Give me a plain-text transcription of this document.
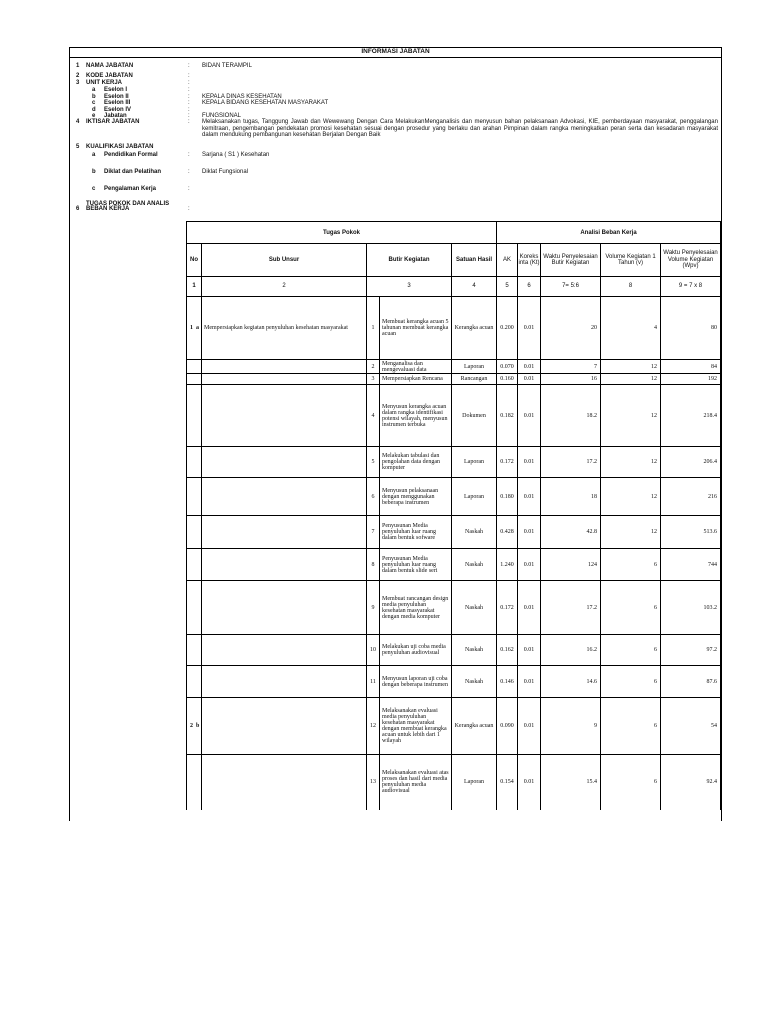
INFORMASI JABATAN
1 NAMA JABATAN	: BIDAN TERAMPIL
2 KODE JABATAN	:
3 UNIT KERJA	:
a Eselon I	:
b Eselon II	: KEPALA DINAS KESEHATAN
c Eselon III	: KEPALA BIDANG KESEHATAN MASYARAKAT
d Eselon IV	:
e Jabatan	: FUNGSIONAL
4 IKTISAR JABATAN	: Melaksanakan tugas, Tanggung Jawab dan Wewewang Dengan Cara MelakukanMenganalisis dan menyusun bahan pelaksanaan Advokasi, KIE, pemberdayaan masyarakat, penggalangan kemitraan, pengembangan pendekatan promosi kesehatan sesuai dengan prosedur yang berlaku dan arahan Pimpinan dalam rangka meningkatkan peran serta dan kesadaran masyarakat dalam mendukung pembangunan kesehatan Berjalan Dengan Baik
5 KUALIFIKASI JABATAN
a Pendidikan Formal	: Sarjana ( S1 ) Kesehatan
b Diklat dan Pelatihan	: Diklat Fungsional
c Pengalaman Kerja	:
TUGAS POKOK DAN ANALIS
6 BEBAN KERJA	:
Tugas Pokok					Analisi Beban Kerja				
No	Sub Unsur	Butir Kegiatan		Satuan Hasil	AK	Koreks inta (Kt)	Waktu Penyelesaian Butir Kegiatan	Volume Kegiatan 1 Tahun (v)	Waktu Penyelesaian Volume Kegiatan (Wpv)
1	2	3		4	5	6	7= 5:6	8	9 = 7 x 8
1 a	Mempersiapkan kegiatan penyuluhan kesehatan masyarakat	1	Membuat kerangka acuan 5 tahunan membuat kerangka acuan	Kerangka acuan	0.200	0.01	20	4	80
		2	Menganalisa dan mengevaluasi data	Laporan	0.070	0.01	7	12	84
		3	Mempersiapkan Rencana	Rancangan	0.160	0.01	16	12	192
		4	Menyusun kerangka acuan dalam rangka identifikasi potensi wilayah, menyusun instrumen terbuka	Dokumen	0.182	0.01	18.2	12	218.4
		5	Melakukan tabulasi dan pengolahan data dengan komputer	Laporan	0.172	0.01	17.2	12	206.4
		6	Menyusun pelaksanaan dengan menggunakan beberapa instrumen	Laporan	0.180	0.01	18	12	216
		7	Penyusunan Media penyuluhan luar ruang dalam bentuk sofware	Naskah	0.428	0.01	42.8	12	513.6
		8	Penyusunan Media penyuluhan luar ruang dalam bentuk slide seri	Naskah	1.240	0.01	124	6	744
		9	Membuat rancangan design media penyuluhan kesehatan masyarakat dengan media komputer	Naskah	0.172	0.01	17.2	6	103.2
		10	Melakukan uji coba media penyuluhan audiovisual	Naskah	0.162	0.01	16.2	6	97.2
		11	Menyusun laporan uji coba dengan beberapa instrumen	Naskah	0.146	0.01	14.6	6	87.6
2 b		12	Melaksanakan evaluasi media penyuluhan kesehatan masyarakat dengan membuat kerangka acuan untuk lebih dari 1 wilayah	Kerangka acuan	0.090	0.01	9	6	54
		13	Melaksanakan evaluasi atas proses dan hasil dari media penyuluhan media audiovisual	Laporan	0.154	0.01	15.4	6	92.4
